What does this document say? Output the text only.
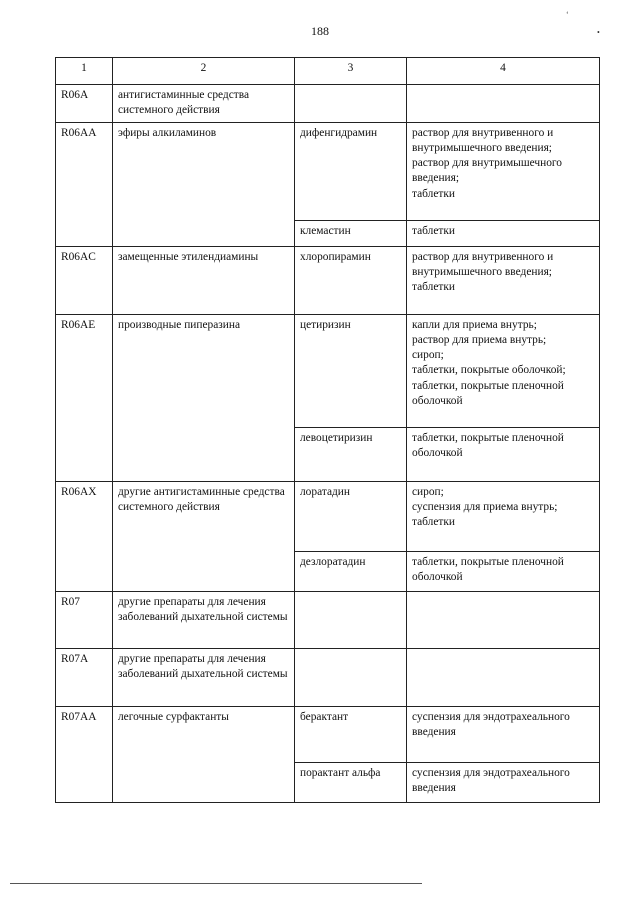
188
ʻ
•
1	2	3	4
R06A	антигистаминные средства системного действия		
R06AA	эфиры алкиламинов	дифенгидрамин	раствор для внутривенного и внутримышечного введения;
раствор для внутримышечного введения;
таблетки

		клемастин	таблетки
R06AC	замещенные этилендиамины	хлоропирамин	раствор для внутривенного и внутримышечного введения;
таблетки

R06AE	производные пиперазина	цетиризин	капли для приема внутрь;
раствор для приема внутрь;
сироп;
таблетки, покрытые оболочкой;
таблетки, покрытые пленочной оболочкой

		левоцетиризин	таблетки, покрытые пленочной оболочкой
R06AX	другие антигистаминные средства системного действия	лоратадин	сироп;
суспензия для приема внутрь;
таблетки

		дезлоратадин	таблетки, покрытые пленочной оболочкой
R07	другие препараты для лечения заболеваний дыхательной системы		
R07A	другие препараты для лечения заболеваний дыхательной системы		
R07AA	легочные сурфактанты	берактант	суспензия для эндотрахеального введения
		порактант альфа	суспензия для эндотрахеального введения
